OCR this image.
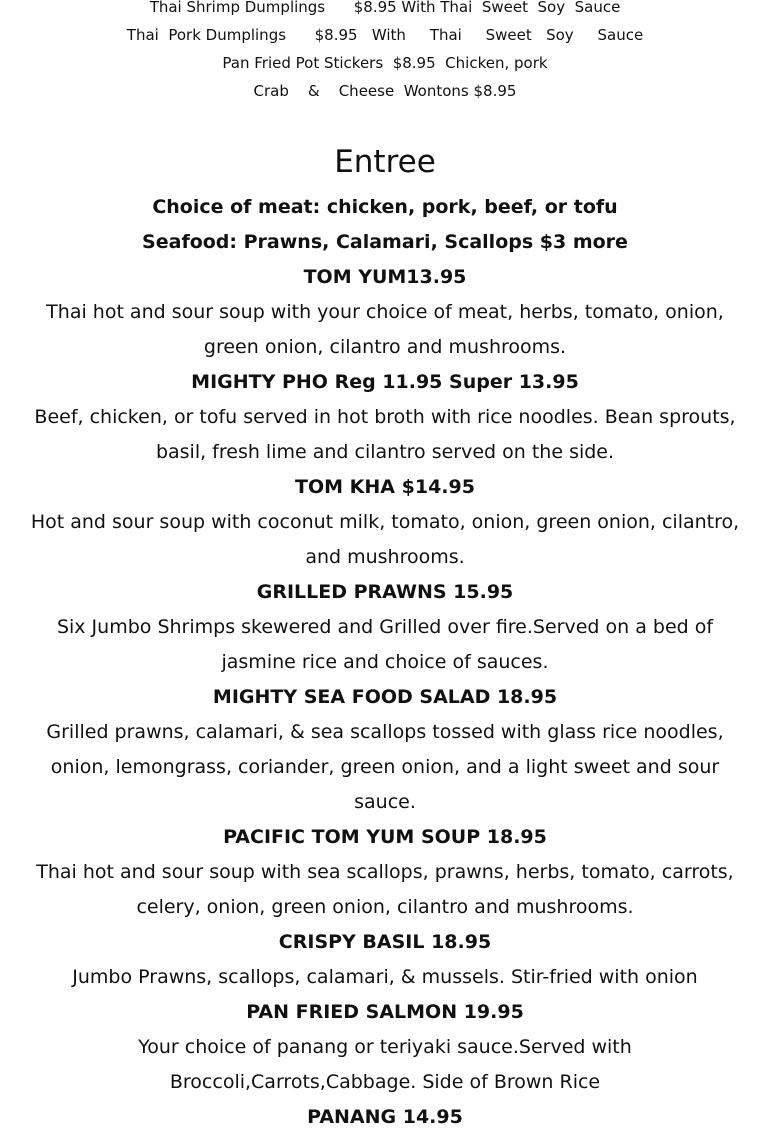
Thai Shrimp Dumplings      $8.95 With Thai  Sweet  Soy  Sauce
Thai  Pork Dumplings      $8.95   With     Thai     Sweet   Soy     Sauce
Pan Fried Pot Stickers  $8.95  Chicken, pork
Crab    &    Cheese  Wontons $8.95
Entree
Choice of meat: chicken, pork, beef, or tofu
Seafood: Prawns, Calamari, Scallops $3 more
TOM YUM13.95
Thai hot and sour soup with your choice of meat, herbs, tomato, onion, green onion, cilantro and mushrooms.
MIGHTY PHO Reg 11.95 Super 13.95
Beef, chicken, or tofu served in hot broth with rice noodles. Bean sprouts, basil, fresh lime and cilantro served on the side.
TOM KHA $14.95
Hot and sour soup with coconut milk, tomato, onion, green onion, cilantro, and mushrooms.
GRILLED PRAWNS 15.95
Six Jumbo Shrimps skewered and Grilled over fire.Served on a bed of jasmine rice and choice of sauces.
MIGHTY SEA FOOD SALAD 18.95
Grilled prawns, calamari, & sea scallops tossed with glass rice noodles, onion, lemongrass, coriander, green onion, and a light sweet and sour sauce.
PACIFIC TOM YUM SOUP 18.95
Thai hot and sour soup with sea scallops, prawns, herbs, tomato, carrots, celery, onion, green onion, cilantro and mushrooms.
CRISPY BASIL 18.95
Jumbo Prawns, scallops, calamari, & mussels. Stir-fried with onion
PAN FRIED SALMON 19.95
Your choice of panang or teriyaki sauce.Served with Broccoli,Carrots,Cabbage. Side of Brown Rice
PANANG 14.95
